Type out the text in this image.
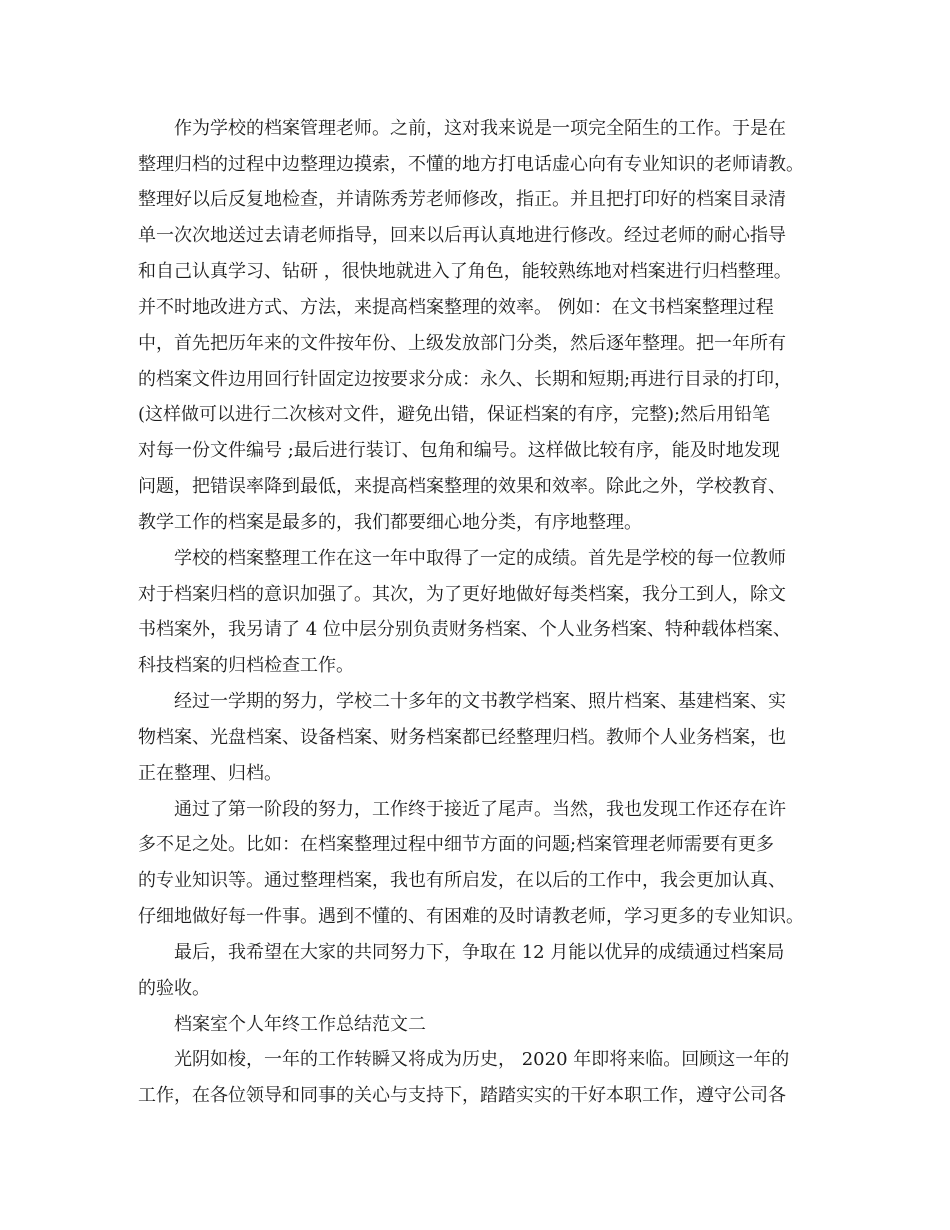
作为学校的档案管理老师。之前，这对我来说是一项完全陌生的工作。于是在

整理归档的过程中边整理边摸索，不懂的地方打电话虚心向有专业知识的老师请教。

整理好以后反复地检查，并请陈秀芳老师修改，指正。并且把打印好的档案目录清

单一次次地送过去请老师指导，回来以后再认真地进行修改。经过老师的耐心指导

和自己认真学习、钻研 ，很快地就进入了角色，能较熟练地对档案进行归档整理。

并不时地改进方式、方法，来提高档案整理的效率。 例如：在文书档案整理过程

中，首先把历年来的文件按年份、上级发放部门分类，然后逐年整理。把一年所有

的档案文件边用回行针固定边按要求分成：永久、长期和短期;再进行目录的打印，

(这样做可以进行二次核对文件，避免出错，保证档案的有序，完整);然后用铅笔

对每一份文件编号 ;最后进行装订、包角和编号。这样做比较有序，能及时地发现

问题，把错误率降到最低，来提高档案整理的效果和效率。除此之外，学校教育、

教学工作的档案是最多的，我们都要细心地分类，有序地整理。

学校的档案整理工作在这一年中取得了一定的成绩。首先是学校的每一位教师

对于档案归档的意识加强了。其次，为了更好地做好每类档案，我分工到人，除文

书档案外，我另请了 4 位中层分别负责财务档案、个人业务档案、特种载体档案、

科技档案的归档检查工作。

经过一学期的努力，学校二十多年的文书教学档案、照片档案、基建档案、实

物档案、光盘档案、设备档案、财务档案都已经整理归档。教师个人业务档案，也

正在整理、归档。

通过了第一阶段的努力，工作终于接近了尾声。当然，我也发现工作还存在许

多不足之处。比如：在档案整理过程中细节方面的问题;档案管理老师需要有更多

的专业知识等。通过整理档案，我也有所启发，在以后的工作中，我会更加认真、

仔细地做好每一件事。遇到不懂的、有困难的及时请教老师，学习更多的专业知识。

最后，我希望在大家的共同努力下，争取在 12 月能以优异的成绩通过档案局

的验收。

档案室个人年终工作总结范文二

光阴如梭，一年的工作转瞬又将成为历史， 2020 年即将来临。回顾这一年的

工作，在各位领导和同事的关心与支持下，踏踏实实的干好本职工作，遵守公司各
